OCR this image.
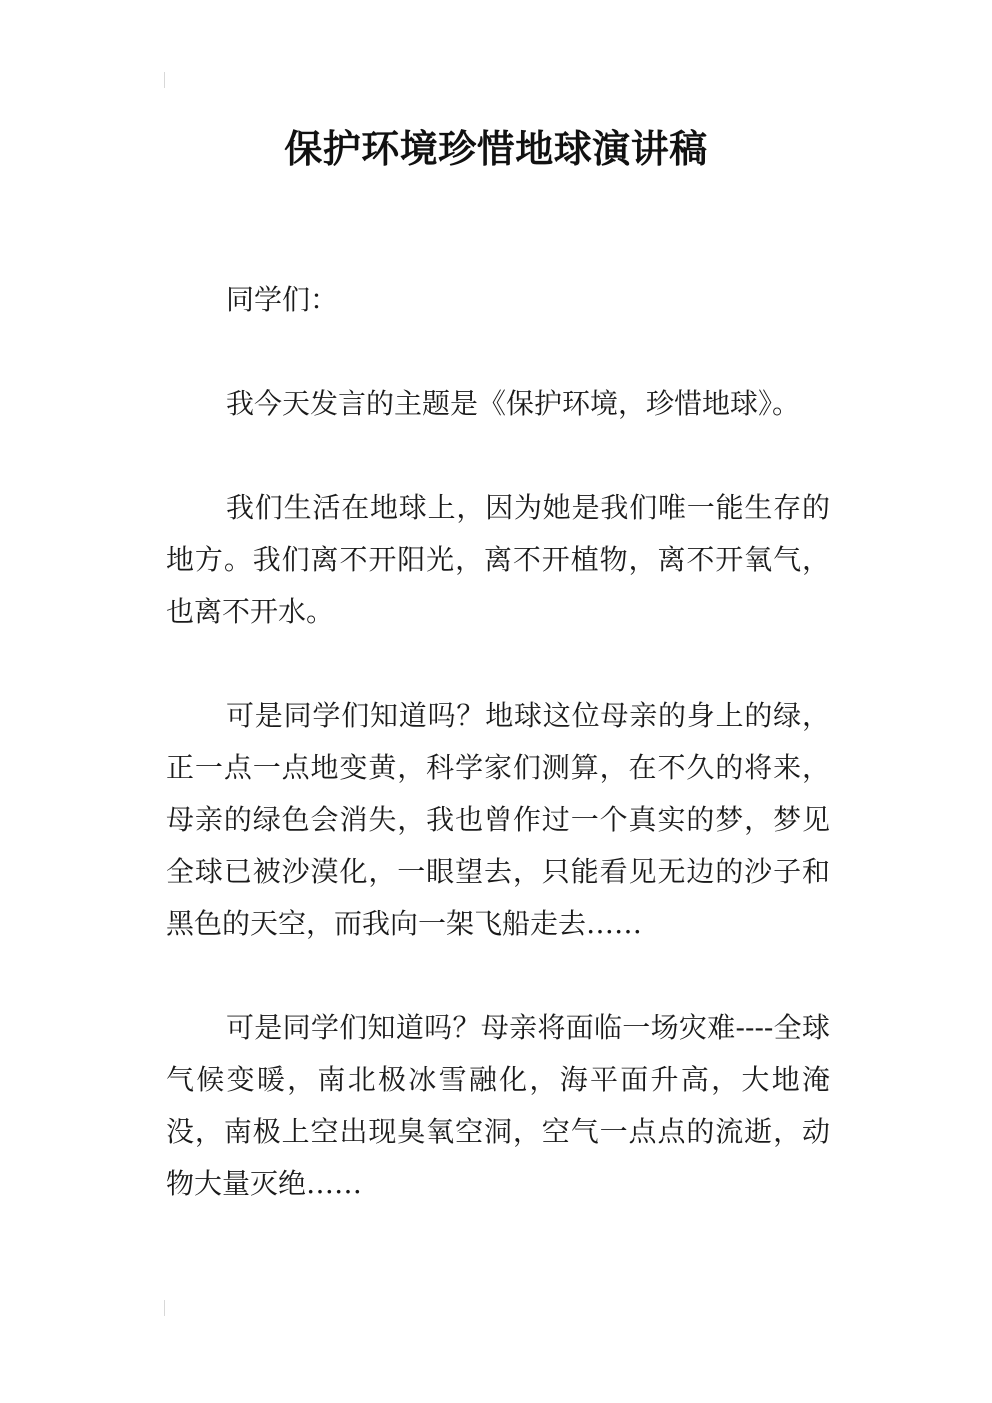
保护环境珍惜地球演讲稿

同学们：

我今天发言的主题是《保护环境，珍惜地球》。

我们生活在地球上，因为她是我们唯一能生存的地方。我们离不开阳光，离不开植物，离不开氧气，也离不开水。

可是同学们知道吗？地球这位母亲的身上的绿，正一点一点地变黄，科学家们测算，在不久的将来，母亲的绿色会消失，我也曾作过一个真实的梦，梦见全球已被沙漠化，一眼望去，只能看见无边的沙子和黑色的天空，而我向一架飞船走去……

可是同学们知道吗？母亲将面临一场灾难----全球气候变暖，南北极冰雪融化，海平面升高，大地淹没，南极上空出现臭氧空洞，空气一点点的流逝，动物大量灭绝……
